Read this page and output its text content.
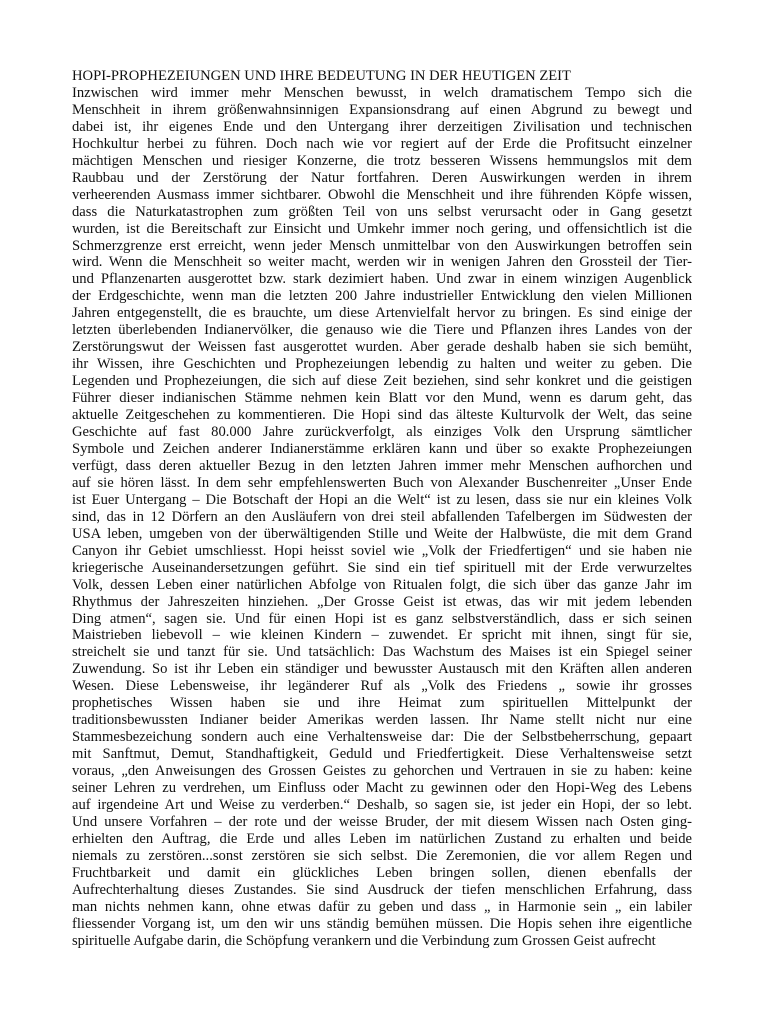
HOPI-PROPHEZEIUNGEN UND IHRE BEDEUTUNG IN DER HEUTIGEN ZEIT
Inzwischen wird immer mehr Menschen bewusst, in welch dramatischem Tempo sich die
Menschheit in ihrem größenwahnsinnigen Expansionsdrang auf einen Abgrund zu bewegt und
dabei ist, ihr eigenes Ende und den Untergang ihrer derzeitigen Zivilisation und technischen
Hochkultur herbei zu führen. Doch nach wie vor regiert auf der Erde die Profitsucht einzelner
mächtigen Menschen und riesiger Konzerne, die trotz besseren Wissens hemmungslos mit dem
Raubbau und der Zerstörung der Natur fortfahren. Deren Auswirkungen werden in ihrem
verheerenden Ausmass immer sichtbarer. Obwohl die Menschheit und ihre führenden Köpfe wissen,
dass die Naturkatastrophen zum größten Teil von uns selbst verursacht oder in Gang gesetzt
wurden, ist die Bereitschaft zur Einsicht und Umkehr immer noch gering, und offensichtlich ist die
Schmerzgrenze erst erreicht, wenn jeder Mensch unmittelbar von den Auswirkungen betroffen sein
wird. Wenn die Menschheit so weiter macht, werden wir in wenigen Jahren den Grossteil der Tier-
und Pflanzenarten ausgerottet bzw. stark dezimiert haben. Und zwar in einem winzigen Augenblick
der Erdgeschichte, wenn man die letzten 200 Jahre industrieller Entwicklung den vielen Millionen
Jahren entgegenstellt, die es brauchte, um diese Artenvielfalt hervor zu bringen. Es sind einige der
letzten überlebenden Indianervölker, die genauso wie die Tiere und Pflanzen ihres Landes von der
Zerstörungswut der Weissen fast ausgerottet wurden. Aber gerade deshalb haben sie sich bemüht,
ihr Wissen, ihre Geschichten und Prophezeiungen lebendig zu halten und weiter zu geben. Die
Legenden und Prophezeiungen, die sich auf diese Zeit beziehen, sind sehr konkret und die geistigen
Führer dieser indianischen Stämme nehmen kein Blatt vor den Mund, wenn es darum geht, das
aktuelle Zeitgeschehen zu kommentieren. Die Hopi sind das älteste Kulturvolk der Welt, das seine
Geschichte auf fast 80.000 Jahre zurückverfolgt, als einziges Volk den Ursprung sämtlicher
Symbole und Zeichen anderer Indianerstämme erklären kann und über so exakte Prophezeiungen
verfügt, dass deren aktueller Bezug in den letzten Jahren immer mehr Menschen aufhorchen und
auf sie hören lässt. In dem sehr empfehlenswerten Buch von Alexander Buschenreiter „Unser Ende
ist Euer Untergang – Die Botschaft der Hopi an die Welt“ ist zu lesen, dass sie nur ein kleines Volk
sind, das in 12 Dörfern an den Ausläufern von drei steil abfallenden Tafelbergen im Südwesten der
USA leben, umgeben von der überwältigenden Stille und Weite der Halbwüste, die mit dem Grand
Canyon ihr Gebiet umschliesst. Hopi heisst soviel wie „Volk der Friedfertigen“ und sie haben nie
kriegerische Auseinandersetzungen geführt. Sie sind ein tief spirituell mit der Erde verwurzeltes
Volk, dessen Leben einer natürlichen Abfolge von Ritualen folgt, die sich über das ganze Jahr im
Rhythmus der Jahreszeiten hinziehen. „Der Grosse Geist ist etwas, das wir mit jedem lebenden
Ding atmen“, sagen sie. Und für einen Hopi ist es ganz selbstverständlich, dass er sich seinen
Maistrieben liebevoll – wie kleinen Kindern – zuwendet. Er spricht mit ihnen, singt für sie,
streichelt sie und tanzt für sie. Und tatsächlich: Das Wachstum des Maises ist ein Spiegel seiner
Zuwendung. So ist ihr Leben ein ständiger und bewusster Austausch mit den Kräften allen anderen
Wesen. Diese Lebensweise, ihr legänderer Ruf als „Volk des Friedens „ sowie ihr grosses
prophetisches Wissen haben sie und ihre Heimat zum spirituellen Mittelpunkt der
traditionsbewussten Indianer beider Amerikas werden lassen. Ihr Name stellt nicht nur eine
Stammesbezeichung sondern auch eine Verhaltensweise dar: Die der Selbstbeherrschung, gepaart
mit Sanftmut, Demut, Standhaftigkeit, Geduld und Friedfertigkeit. Diese Verhaltensweise setzt
voraus, „den Anweisungen des Grossen Geistes zu gehorchen und Vertrauen in sie zu haben: keine
seiner Lehren zu verdrehen, um Einfluss oder Macht zu gewinnen oder den Hopi-Weg des Lebens
auf irgendeine Art und Weise zu verderben.“ Deshalb, so sagen sie, ist jeder ein Hopi, der so lebt.
Und unsere Vorfahren – der rote und der weisse Bruder, der mit diesem Wissen nach Osten ging-
erhielten den Auftrag, die Erde und alles Leben im natürlichen Zustand zu erhalten und beide
niemals zu zerstören...sonst zerstören sie sich selbst. Die Zeremonien, die vor allem Regen und
Fruchtbarkeit und damit ein glückliches Leben bringen sollen, dienen ebenfalls der
Aufrechterhaltung dieses Zustandes. Sie sind Ausdruck der tiefen menschlichen Erfahrung, dass
man nichts nehmen kann, ohne etwas dafür zu geben und dass „ in Harmonie sein „ ein labiler
fliessender Vorgang ist, um den wir uns ständig bemühen müssen. Die Hopis sehen ihre eigentliche
spirituelle Aufgabe darin, die Schöpfung verankern und die Verbindung zum Grossen Geist aufrecht
